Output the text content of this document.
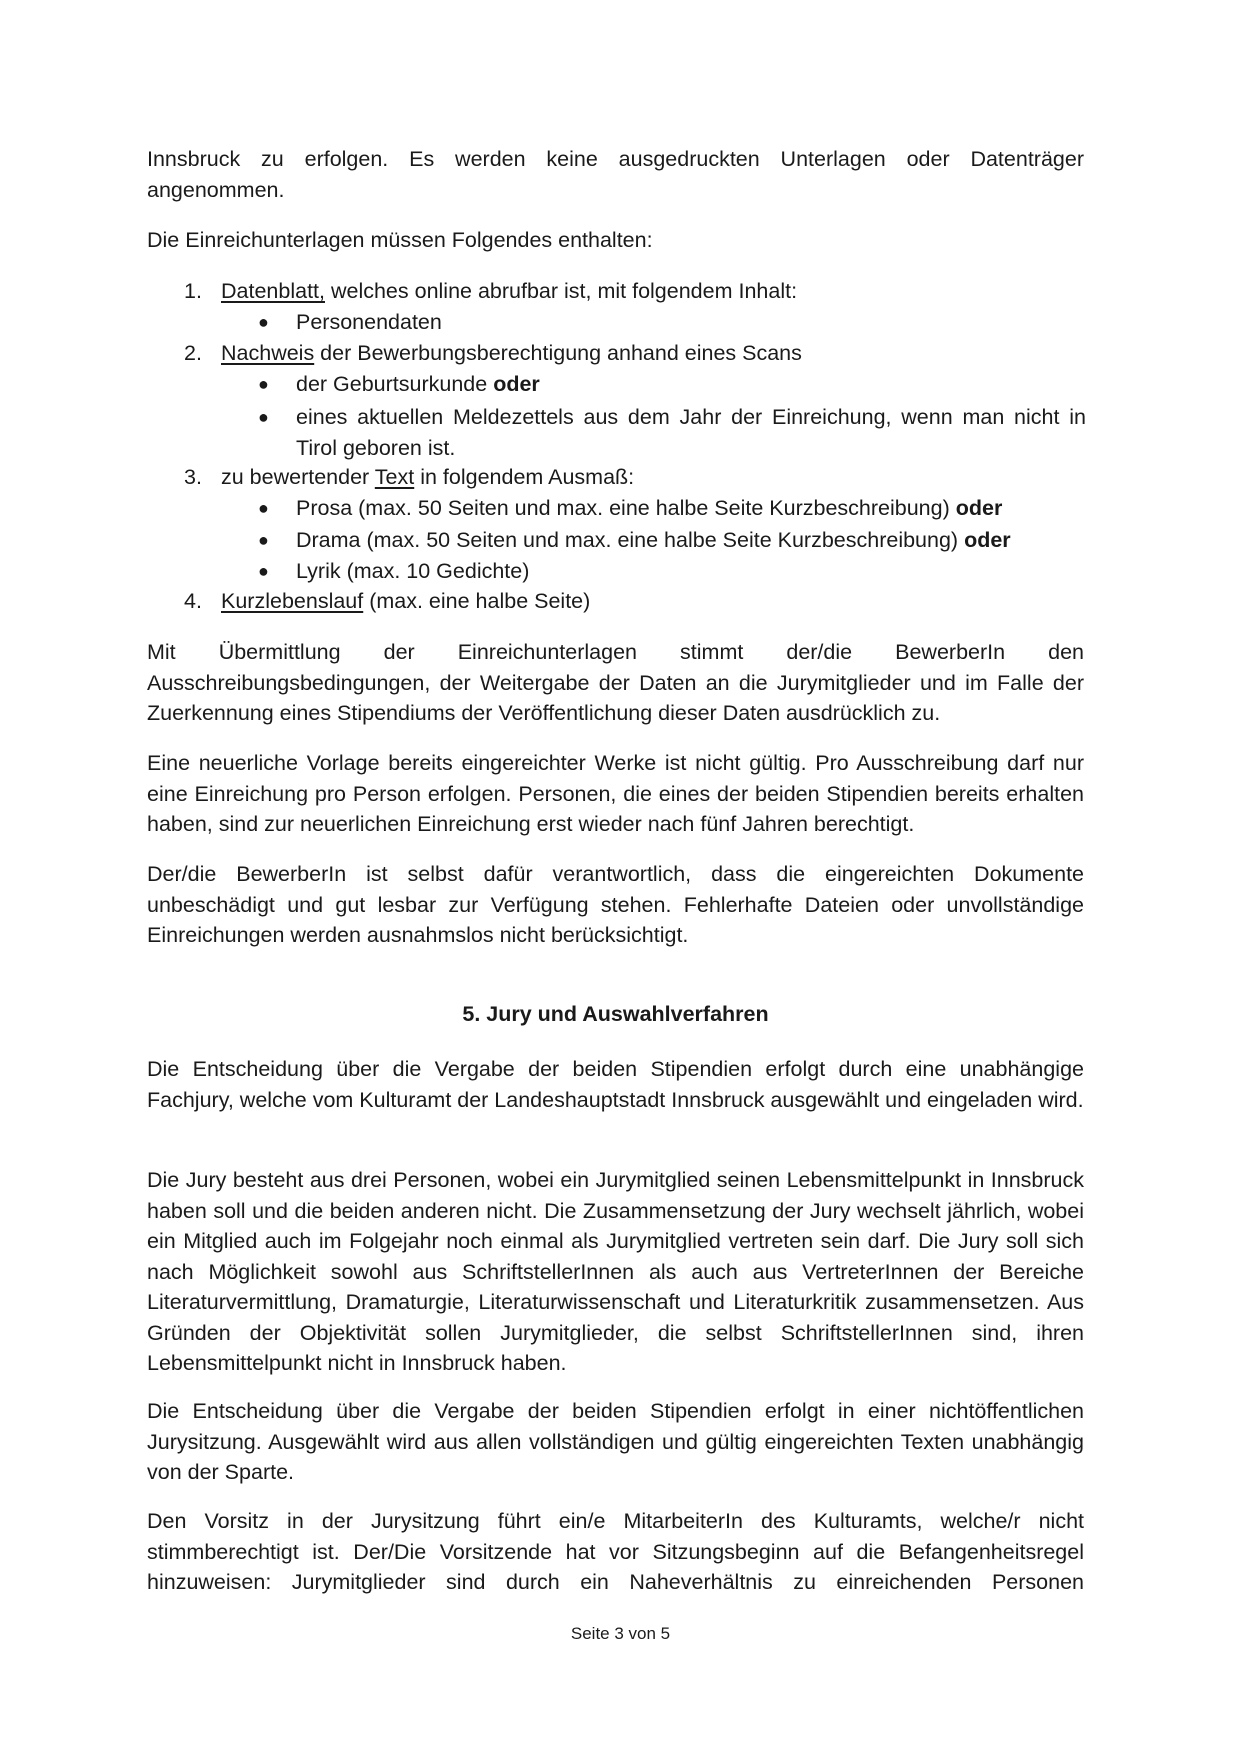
Innsbruck zu erfolgen. Es werden keine ausgedruckten Unterlagen oder Datenträger angenommen.
Die Einreichunterlagen müssen Folgendes enthalten:
1. Datenblatt, welches online abrufbar ist, mit folgendem Inhalt:
● Personendaten
2. Nachweis der Bewerbungsberechtigung anhand eines Scans
● der Geburtsurkunde oder
● eines aktuellen Meldezettels aus dem Jahr der Einreichung, wenn man nicht in Tirol geboren ist.
3. zu bewertender Text in folgendem Ausmaß:
● Prosa (max. 50 Seiten und max. eine halbe Seite Kurzbeschreibung) oder
● Drama (max. 50 Seiten und max. eine halbe Seite Kurzbeschreibung) oder
● Lyrik (max. 10 Gedichte)
4. Kurzlebenslauf (max. eine halbe Seite)
Mit Übermittlung der Einreichunterlagen stimmt der/die BewerberIn den Ausschreibungsbedingungen, der Weitergabe der Daten an die Jurymitglieder und im Falle der Zuerkennung eines Stipendiums der Veröffentlichung dieser Daten ausdrücklich zu.
Eine neuerliche Vorlage bereits eingereichter Werke ist nicht gültig. Pro Ausschreibung darf nur eine Einreichung pro Person erfolgen. Personen, die eines der beiden Stipendien bereits erhalten haben, sind zur neuerlichen Einreichung erst wieder nach fünf Jahren berechtigt.
Der/die BewerberIn ist selbst dafür verantwortlich, dass die eingereichten Dokumente unbeschädigt und gut lesbar zur Verfügung stehen. Fehlerhafte Dateien oder unvollständige Einreichungen werden ausnahmslos nicht berücksichtigt.
5. Jury und Auswahlverfahren
Die Entscheidung über die Vergabe der beiden Stipendien erfolgt durch eine unabhängige Fachjury, welche vom Kulturamt der Landeshauptstadt Innsbruck ausgewählt und eingeladen wird.
Die Jury besteht aus drei Personen, wobei ein Jurymitglied seinen Lebensmittelpunkt in Innsbruck haben soll und die beiden anderen nicht. Die Zusammensetzung der Jury wechselt jährlich, wobei ein Mitglied auch im Folgejahr noch einmal als Jurymitglied vertreten sein darf. Die Jury soll sich nach Möglichkeit sowohl aus SchriftstellerInnen als auch aus VertreterInnen der Bereiche Literaturvermittlung, Dramaturgie, Literaturwissenschaft und Literaturkritik zusammensetzen. Aus Gründen der Objektivität sollen Jurymitglieder, die selbst SchriftstellerInnen sind, ihren Lebensmittelpunkt nicht in Innsbruck haben.
Die Entscheidung über die Vergabe der beiden Stipendien erfolgt in einer nichtöffentlichen Jurysitzung. Ausgewählt wird aus allen vollständigen und gültig eingereichten Texten unabhängig von der Sparte.
Den Vorsitz in der Jurysitzung führt ein/e MitarbeiterIn des Kulturamts, welche/r nicht stimmberechtigt ist. Der/Die Vorsitzende hat vor Sitzungsbeginn auf die Befangenheitsregel hinzuweisen: Jurymitglieder sind durch ein Naheverhältnis zu einreichenden Personen
Seite 3 von 5
